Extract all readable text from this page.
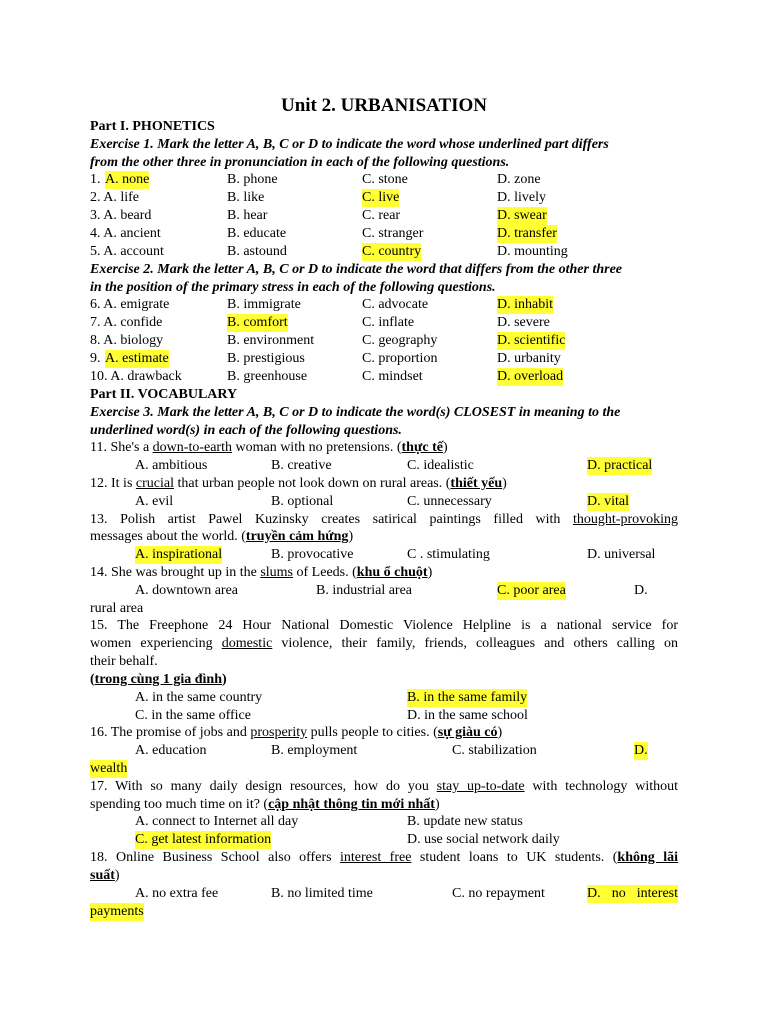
Unit 2. URBANISATION
Part I. PHONETICS
Exercise 1. Mark the letter A, B, C or D to indicate the word whose underlined part differs
from the other three in pronunciation in each of the following questions.
1. A. none	B. phone	C. stone	D. zone
2. A. life	B. like	C. live	D. lively
3. A. beard	B. hear	C. rear	D. swear
4. A. ancient	B. educate	C. stranger	D. transfer
5. A. account	B. astound	C. country	D. mounting
Exercise 2. Mark the letter A, B, C or D to indicate the word that differs from the other three
in the position of the primary stress in each of the following questions.
6. A. emigrate	B. immigrate	C. advocate	D. inhabit
7. A. confide	B. comfort	C. inflate	D. severe
8. A. biology	B. environment	C. geography	D. scientific
9. A. estimate	B. prestigious	C. proportion	D. urbanity
10. A. drawback	B. greenhouse	C. mindset	D. overload
Part II. VOCABULARY
Exercise 3. Mark the letter A, B, C or D to indicate the word(s) CLOSEST in meaning to the
underlined word(s) in each of the following questions.
11. She's a down-to-earth woman with no pretensions. (thực tế)
A. ambitious	B. creative	C. idealistic	D. practical
12. It is crucial that urban people not look down on rural areas. (thiết yếu)
A. evil	B. optional	C. unnecessary	D. vital
13. Polish artist Pawel Kuzinsky creates satirical paintings filled with thought-provoking
messages about the world. (truyền cảm hứng)
A. inspirational	B. provocative	C . stimulating	D. universal
14. She was brought up in the slums of Leeds. (khu ổ chuột)
A. downtown area	B. industrial area	C. poor area	D.
rural area
15. The Freephone 24 Hour National Domestic Violence Helpline is a national service for
women experiencing domestic violence, their family, friends, colleagues and others calling on
their behalf.
(trong cùng 1 gia đình)
A. in the same country	B. in the same family
C. in the same office	D. in the same school
16. The promise of jobs and prosperity pulls people to cities. (sự giàu có)
A. education	B. employment	C. stabilization	D.
wealth
17. With so many daily design resources, how do you stay up-to-date with technology without
spending too much time on it? (cập nhật thông tin mới nhất)
A. connect to Internet all day	B. update new status
C. get latest information	D. use social network daily
18. Online Business School also offers interest free student loans to UK students. (không lãi
suất)
A. no extra fee	B. no limited time	C. no repayment	D. no interest
payments
